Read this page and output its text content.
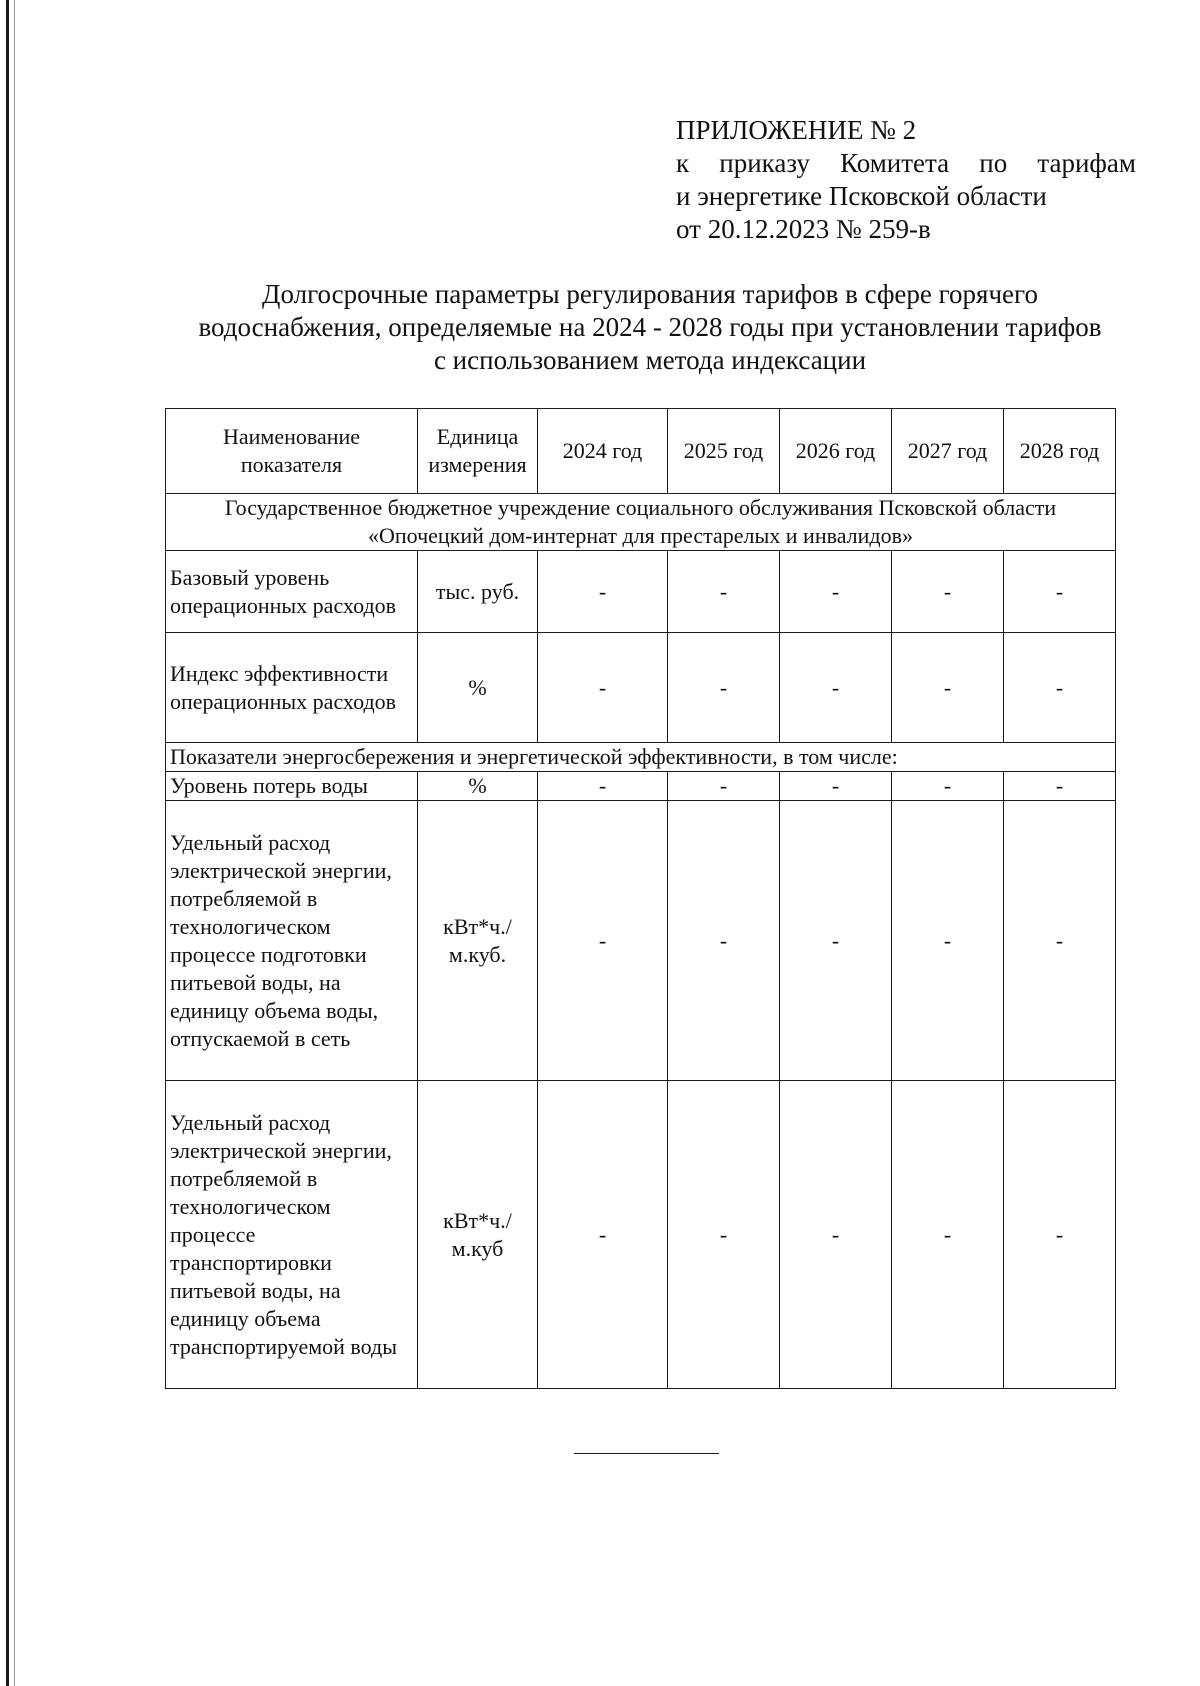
ПРИЛОЖЕНИЕ № 2
к приказу Комитета по тарифам
и энергетике Псковской области
от 20.12.2023 № 259-в
Долгосрочные параметры регулирования тарифов в сфере горячего
водоснабжения, определяемые на 2024 - 2028 годы при установлении тарифов
с использованием метода индексации
Наименование показателя	Единица измерения	2024 год	2025 год	2026 год	2027 год	2028 год
Государственное бюджетное учреждение социального обслуживания Псковской области
«Опочецкий дом-интернат для престарелых и инвалидов»						
Базовый уровень операционных расходов	тыс. руб.	-	-	-	-	-
Индекс эффективности операционных расходов	%	-	-	-	-	-
Показатели энергосбережения и энергетической эффективности, в том числе:						
Уровень потерь воды	%	-	-	-	-	-
Удельный расход электрической энергии, потребляемой в технологическом процессе подготовки питьевой воды, на единицу объема воды, отпускаемой в сеть	кВт*ч./м.куб.	-	-	-	-	-
Удельный расход электрической энергии, потребляемой в технологическом процессе транспортировки питьевой воды, на единицу объема транспортируемой воды	кВт*ч./м.куб	-	-	-	-	-
